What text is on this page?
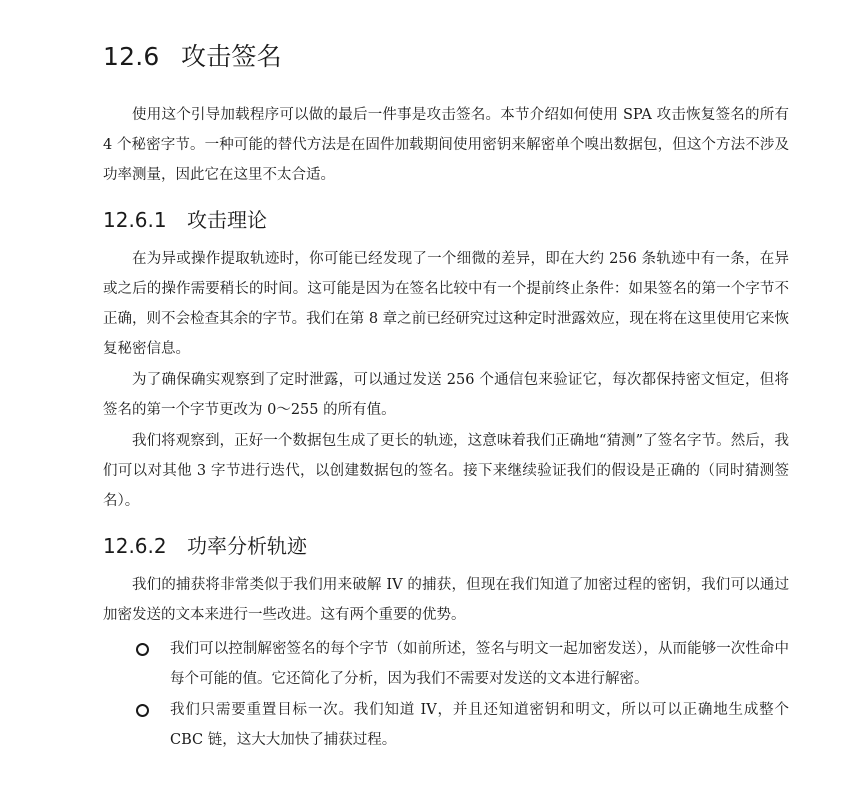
12.6 攻击签名

使用这个引导加载程序可以做的最后一件事是攻击签名。本节介绍如何使用 SPA 攻击恢复签名的所有 4 个秘密字节。一种可能的替代方法是在固件加载期间使用密钥来解密单个嗅出数据包，但这个方法不涉及功率测量，因此它在这里不太合适。

12.6.1 攻击理论

在为异或操作提取轨迹时，你可能已经发现了一个细微的差异，即在大约 256 条轨迹中有一条，在异或之后的操作需要稍长的时间。这可能是因为在签名比较中有一个提前终止条件：如果签名的第一个字节不正确，则不会检查其余的字节。我们在第 8 章之前已经研究过这种定时泄露效应，现在将在这里使用它来恢复秘密信息。

为了确保确实观察到了定时泄露，可以通过发送 256 个通信包来验证它，每次都保持密文恒定，但将签名的第一个字节更改为 0～255 的所有值。

我们将观察到，正好一个数据包生成了更长的轨迹，这意味着我们正确地“猜测”了签名字节。然后，我们可以对其他 3 字节进行迭代，以创建数据包的签名。接下来继续验证我们的假设是正确的（同时猜测签名）。

12.6.2 功率分析轨迹

我们的捕获将非常类似于我们用来破解 IV 的捕获，但现在我们知道了加密过程的密钥，我们可以通过加密发送的文本来进行一些改进。这有两个重要的优势。

我们可以控制解密签名的每个字节（如前所述，签名与明文一起加密发送），从而能够一次性命中每个可能的值。它还简化了分析，因为我们不需要对发送的文本进行解密。
我们只需要重置目标一次。我们知道 IV，并且还知道密钥和明文，所以可以正确地生成整个 CBC 链，这大大加快了捕获过程。
